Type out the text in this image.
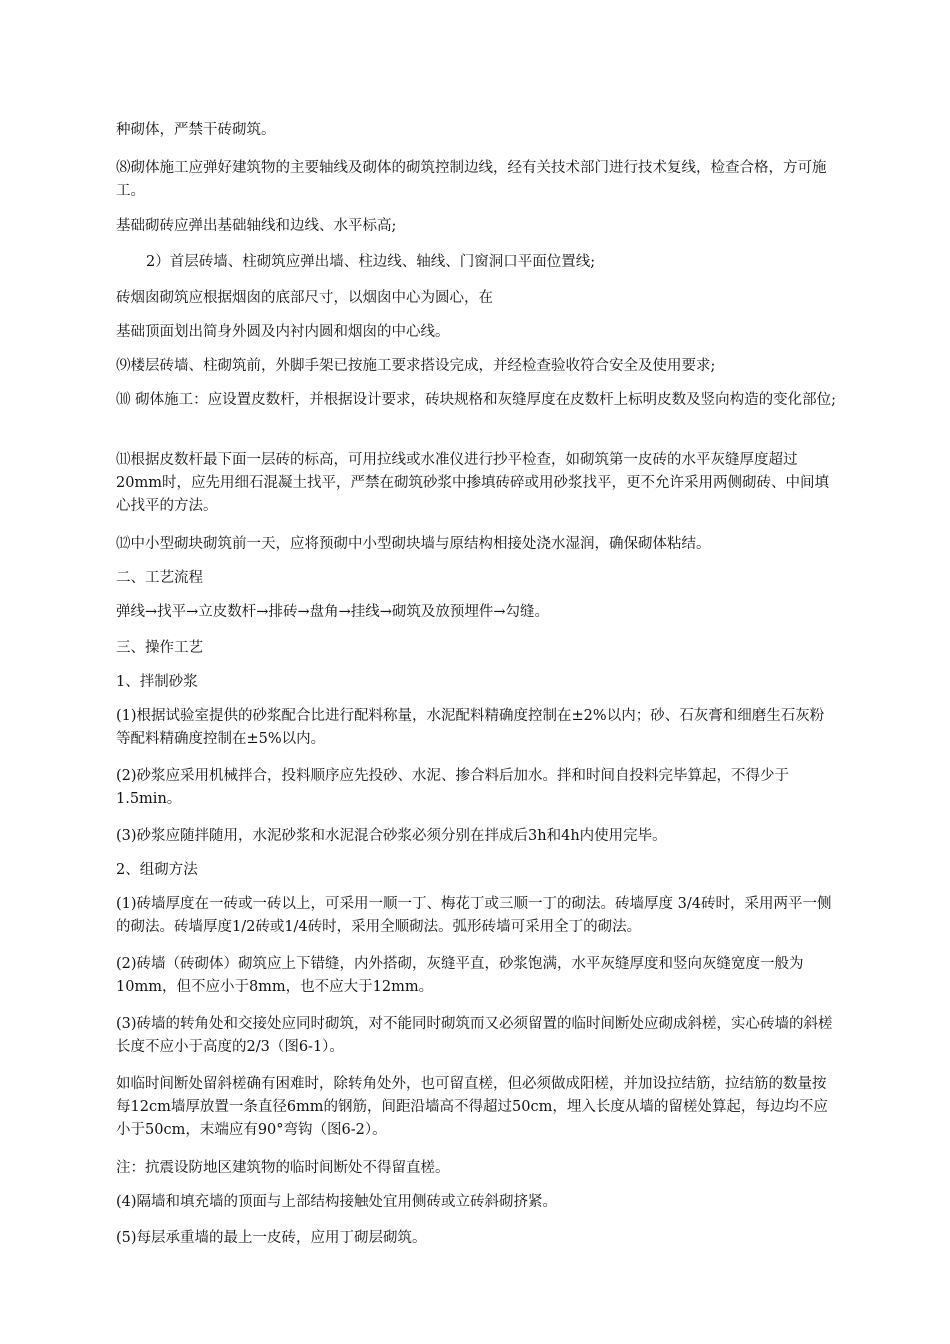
种砌体，严禁干砖砌筑。

⑻砌体施工应弹好建筑物的主要轴线及砌体的砌筑控制边线，经有关技术部门进行技术复线，检查合格，方可施工。

基础砌砖应弹出基础轴线和边线、水平标高;

2）首层砖墙、柱砌筑应弹出墙、柱边线、轴线、门窗洞口平面位置线;

砖烟囱砌筑应根据烟囱的底部尺寸，以烟囱中心为圆心，在

基础顶面划出简身外圆及内衬内圆和烟囱的中心线。

⑼楼层砖墙、柱砌筑前，外脚手架已按施工要求搭设完成，并经检查验收符合安全及使用要求;

⑽ 砌体施工：应设置皮数杆，并根据设计要求，砖块规格和灰缝厚度在皮数杆上标明皮数及竖向构造的变化部位;

⑾根据皮数杆最下面一层砖的标高，可用拉线或水准仪进行抄平检查，如砌筑第一皮砖的水平灰缝厚度超过20mm时，应先用细石混凝土找平，严禁在砌筑砂浆中掺填砖碎或用砂浆找平，更不允许采用两侧砌砖、中间填心找平的方法。

⑿中小型砌块砌筑前一天，应将预砌中小型砌块墙与原结构相接处浇水湿润，确保砌体粘结。

二、工艺流程

弹线→找平→立皮数杆→排砖→盘角→挂线→砌筑及放预埋件→勾缝。

三、操作工艺

1、拌制砂浆

(1)根据试验室提供的砂浆配合比进行配料称量，水泥配料精确度控制在±2%以内；砂、石灰膏和细磨生石灰粉等配料精确度控制在±5%以内。

(2)砂浆应采用机械拌合，投料顺序应先投砂、水泥、掺合料后加水。拌和时间自投料完毕算起，不得少于1.5min。

(3)砂浆应随拌随用，水泥砂浆和水泥混合砂浆必须分别在拌成后3h和4h内使用完毕。

2、组砌方法

(1)砖墙厚度在一砖或一砖以上，可采用一顺一丁、梅花丁或三顺一丁的砌法。砖墙厚度 3/4砖时，采用两平一侧的砌法。砖墙厚度1/2砖或1/4砖时，采用全顺砌法。弧形砖墙可采用全丁的砌法。

(2)砖墙（砖砌体）砌筑应上下错缝，内外搭砌，灰缝平直，砂浆饱满，水平灰缝厚度和竖向灰缝宽度一般为10mm，但不应小于8mm，也不应大于12mm。

(3)砖墙的转角处和交接处应同时砌筑，对不能同时砌筑而又必须留置的临时间断处应砌成斜槎，实心砖墙的斜槎长度不应小于高度的2/3（图6-1）。

如临时间断处留斜槎确有困难时，除转角处外，也可留直槎，但必须做成阳槎，并加设拉结筋，拉结筋的数量按每12cm墙厚放置一条直径6mm的钢筋，间距沿墙高不得超过50cm，埋入长度从墙的留槎处算起，每边均不应小于50cm，末端应有90°弯钩（图6-2）。

注：抗震设防地区建筑物的临时间断处不得留直槎。

(4)隔墙和填充墙的顶面与上部结构接触处宜用侧砖或立砖斜砌挤紧。

(5)每层承重墙的最上一皮砖，应用丁砌层砌筑。
